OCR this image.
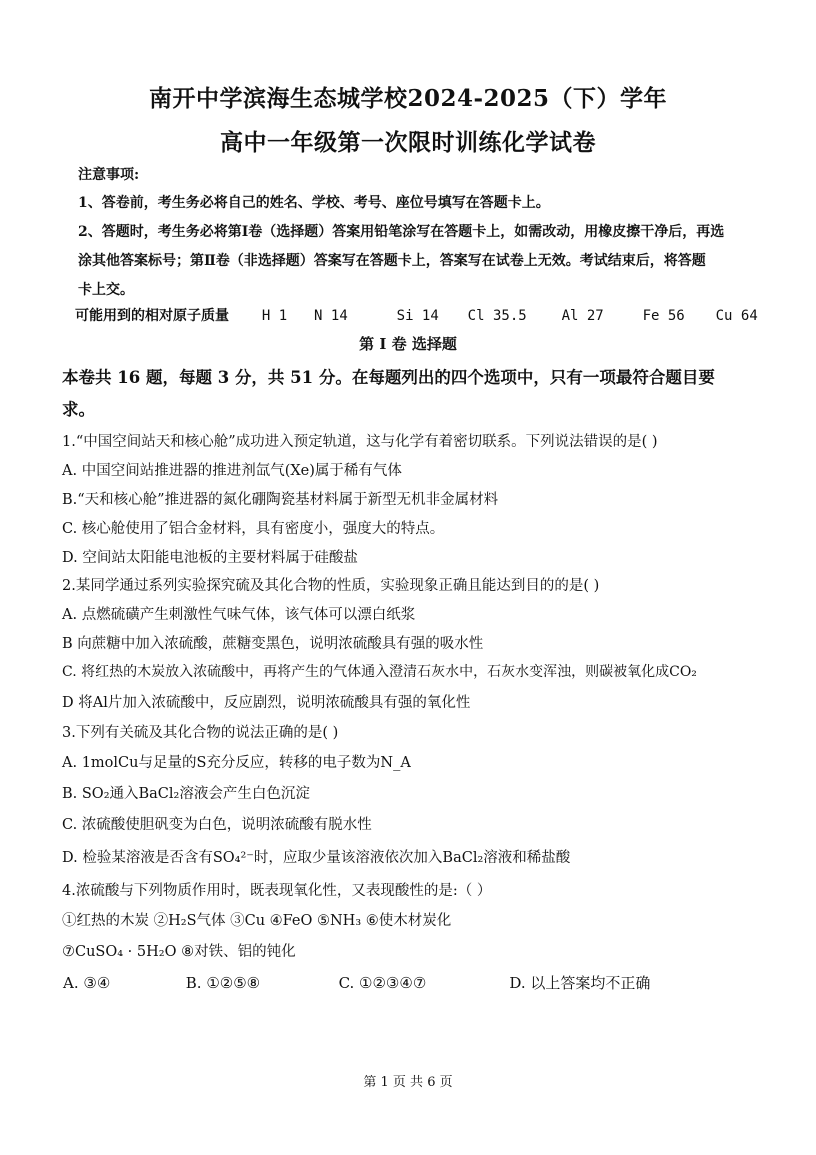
南开中学滨海生态城学校2024-2025（下）学年
高中一年级第一次限时训练化学试卷
注意事项:
1、答卷前，考生务必将自己的姓名、学校、考号、座位号填写在答题卡上。
2、答题时，考生务必将第Ⅰ卷（选择题）答案用铅笔涂写在答题卡上，如需改动，用橡皮擦干净后，再选
涂其他答案标号；第Ⅱ卷（非选择题）答案写在答题卡上，答案写在试卷上无效。考试结束后，将答题
卡上交。
可能用到的相对原子质量 H 1 N 14	Si 14 Cl 35.5 Al 27	Fe 56 Cu 64
第 I 卷 选择题
本卷共 16 题，每题 3 分，共 51 分。在每题列出的四个选项中，只有一项最符合题目要
求。
1.“中国空间站天和核心舱”成功进入预定轨道，这与化学有着密切联系。下列说法错误的是( )
A. 中国空间站推进器的推进剂氙气(Xe)属于稀有气体
B.“天和核心舱”推进器的氮化硼陶瓷基材料属于新型无机非金属材料
C. 核心舱使用了铝合金材料，具有密度小，强度大的特点。
D. 空间站太阳能电池板的主要材料属于硅酸盐
2.某同学通过系列实验探究硫及其化合物的性质，实验现象正确且能达到目的的是( )
A. 点燃硫磺产生刺激性气味气体，该气体可以漂白纸浆
B 向蔗糖中加入浓硫酸，蔗糖变黑色，说明浓硫酸具有强的吸水性
C. 将红热的木炭放入浓硫酸中，再将产生的气体通入澄清石灰水中，石灰水变浑浊，则碳被氧化成CO₂
D 将Al片加入浓硫酸中，反应剧烈，说明浓硫酸具有强的氧化性
3.下列有关硫及其化合物的说法正确的是( )
A. 1molCu与足量的S充分反应，转移的电子数为N_A
B. SO₂通入BaCl₂溶液会产生白色沉淀
C. 浓硫酸使胆矾变为白色，说明浓硫酸有脱水性
D. 检验某溶液是否含有SO₄²⁻时，应取少量该溶液依次加入BaCl₂溶液和稀盐酸
4.浓硫酸与下列物质作用时，既表现氧化性，又表现酸性的是:（ ）
①红热的木炭 ②H₂S气体 ③Cu ④FeO ⑤NH₃ ⑥使木材炭化
⑦CuSO₄ · 5H₂O ⑧对铁、铝的钝化
A. ③④	B. ①②⑤⑧	C. ①②③④⑦	D. 以上答案均不正确
第 1 页 共 6 页
